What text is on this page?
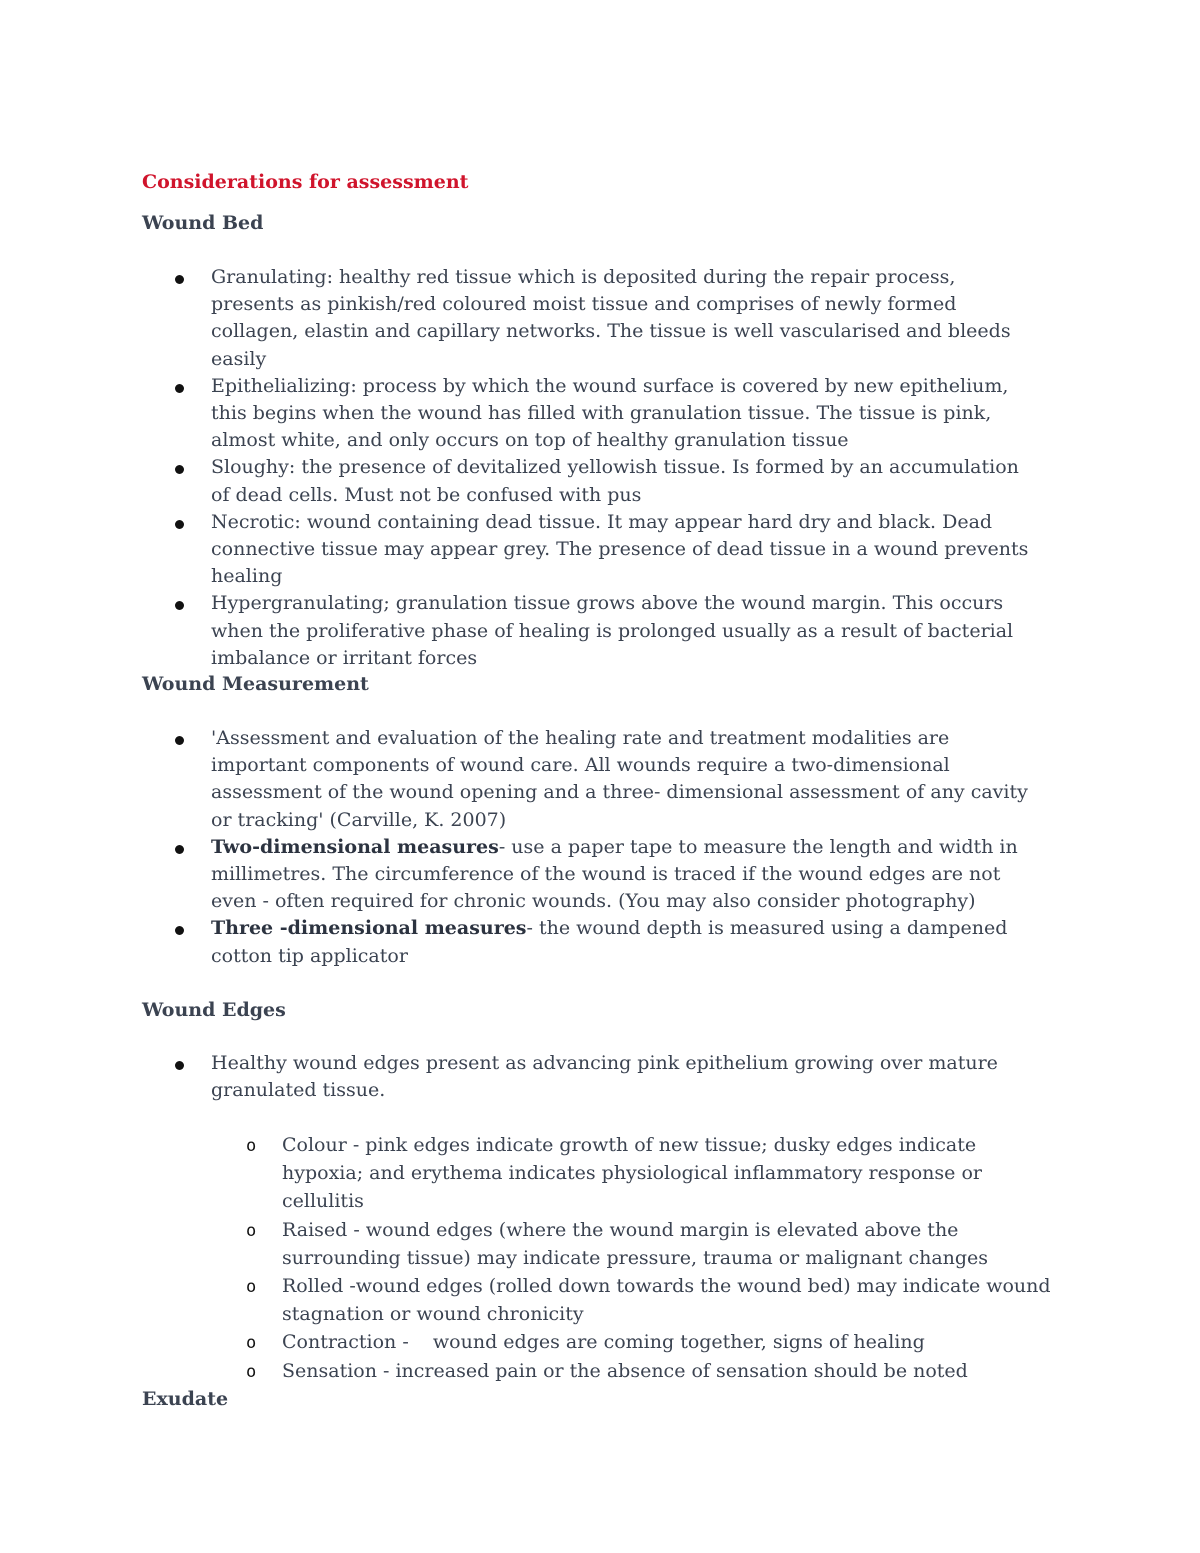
Considerations for assessment
Wound Bed
Granulating: healthy red tissue which is deposited during the repair process, presents as pinkish/red coloured moist tissue and comprises of newly formed collagen, elastin and capillary networks. The tissue is well vascularised and bleeds easily
Epithelializing: process by which the wound surface is covered by new epithelium, this begins when the wound has filled with granulation tissue. The tissue is pink, almost white, and only occurs on top of healthy granulation tissue
Sloughy: the presence of devitalized yellowish tissue. Is formed by an accumulation of dead cells. Must not be confused with pus
Necrotic: wound containing dead tissue. It may appear hard dry and black. Dead connective tissue may appear grey. The presence of dead tissue in a wound prevents healing
Hypergranulating; granulation tissue grows above the wound margin. This occurs when the proliferative phase of healing is prolonged usually as a result of bacterial imbalance or irritant forces
Wound Measurement
'Assessment and evaluation of the healing rate and treatment modalities are important components of wound care. All wounds require a two-dimensional assessment of the wound opening and a three- dimensional assessment of any cavity or tracking' (Carville, K. 2007)
Two-dimensional measures- use a paper tape to measure the length and width in millimetres. The circumference of the wound is traced if the wound edges are not even - often required for chronic wounds. (You may also consider photography)
Three -dimensional measures- the wound depth is measured using a dampened cotton tip applicator
Wound Edges
Healthy wound edges present as advancing pink epithelium growing over mature granulated tissue.
o Colour - pink edges indicate growth of new tissue; dusky edges indicate hypoxia; and erythema indicates physiological inflammatory response or cellulitis
o Raised - wound edges (where the wound margin is elevated above the surrounding tissue) may indicate pressure, trauma or malignant changes
o Rolled -wound edges (rolled down towards the wound bed) may indicate wound stagnation or wound chronicity
o Contraction -    wound edges are coming together, signs of healing
o Sensation - increased pain or the absence of sensation should be noted
Exudate
